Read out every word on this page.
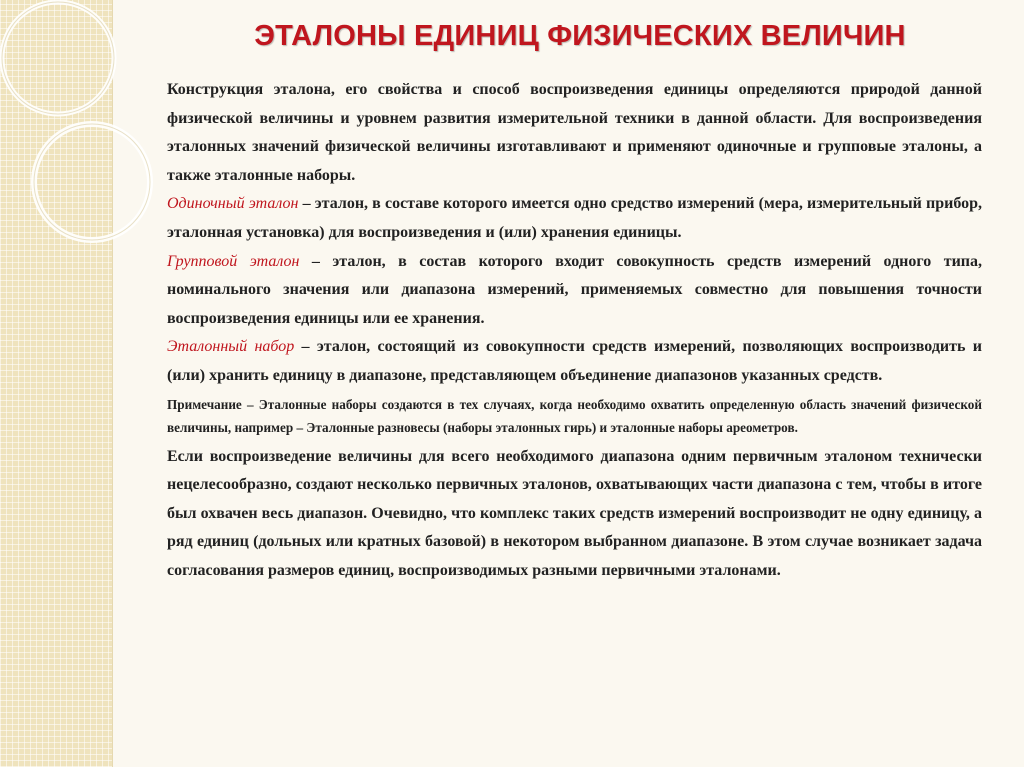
ЭТАЛОНЫ ЕДИНИЦ ФИЗИЧЕСКИХ ВЕЛИЧИН

Конструкция эталона, его свойства и способ воспроизведения единицы определяются природой данной физической величины и уровнем развития измерительной техники в данной области. Для воспроизведения эталонных значений физической величины изготавливают и применяют одиночные и групповые эталоны, а также эталонные наборы.

Одиночный эталон – эталон, в составе которого имеется одно средство измерений (мера, измерительный прибор, эталонная установка) для воспроизведения и (или) хранения единицы.

Групповой эталон – эталон, в состав которого входит совокупность средств измерений одного типа, номинального значения или диапазона измерений, применяемых совместно для повышения точности воспроизведения единицы или ее хранения.

Эталонный набор – эталон, состоящий из совокупности средств измерений, позволяющих воспроизводить и (или) хранить единицу в диапазоне, представляющем объединение диапазонов указанных средств.

Примечание – Эталонные наборы создаются в тех случаях, когда необходимо охватить определенную область значений физической величины, например – Эталонные разновесы (наборы эталонных гирь) и эталонные наборы ареометров.

Если воспроизведение величины для всего необходимого диапазона одним первичным эталоном технически нецелесообразно, создают несколько первичных эталонов, охватывающих части диапазона с тем, чтобы в итоге был охвачен весь диапазон. Очевидно, что комплекс таких средств измерений воспроизводит не одну единицу, а ряд единиц (дольных или кратных базовой) в некотором выбранном диапазоне. В этом случае возникает задача согласования размеров единиц, воспроизводимых разными первичными эталонами.
